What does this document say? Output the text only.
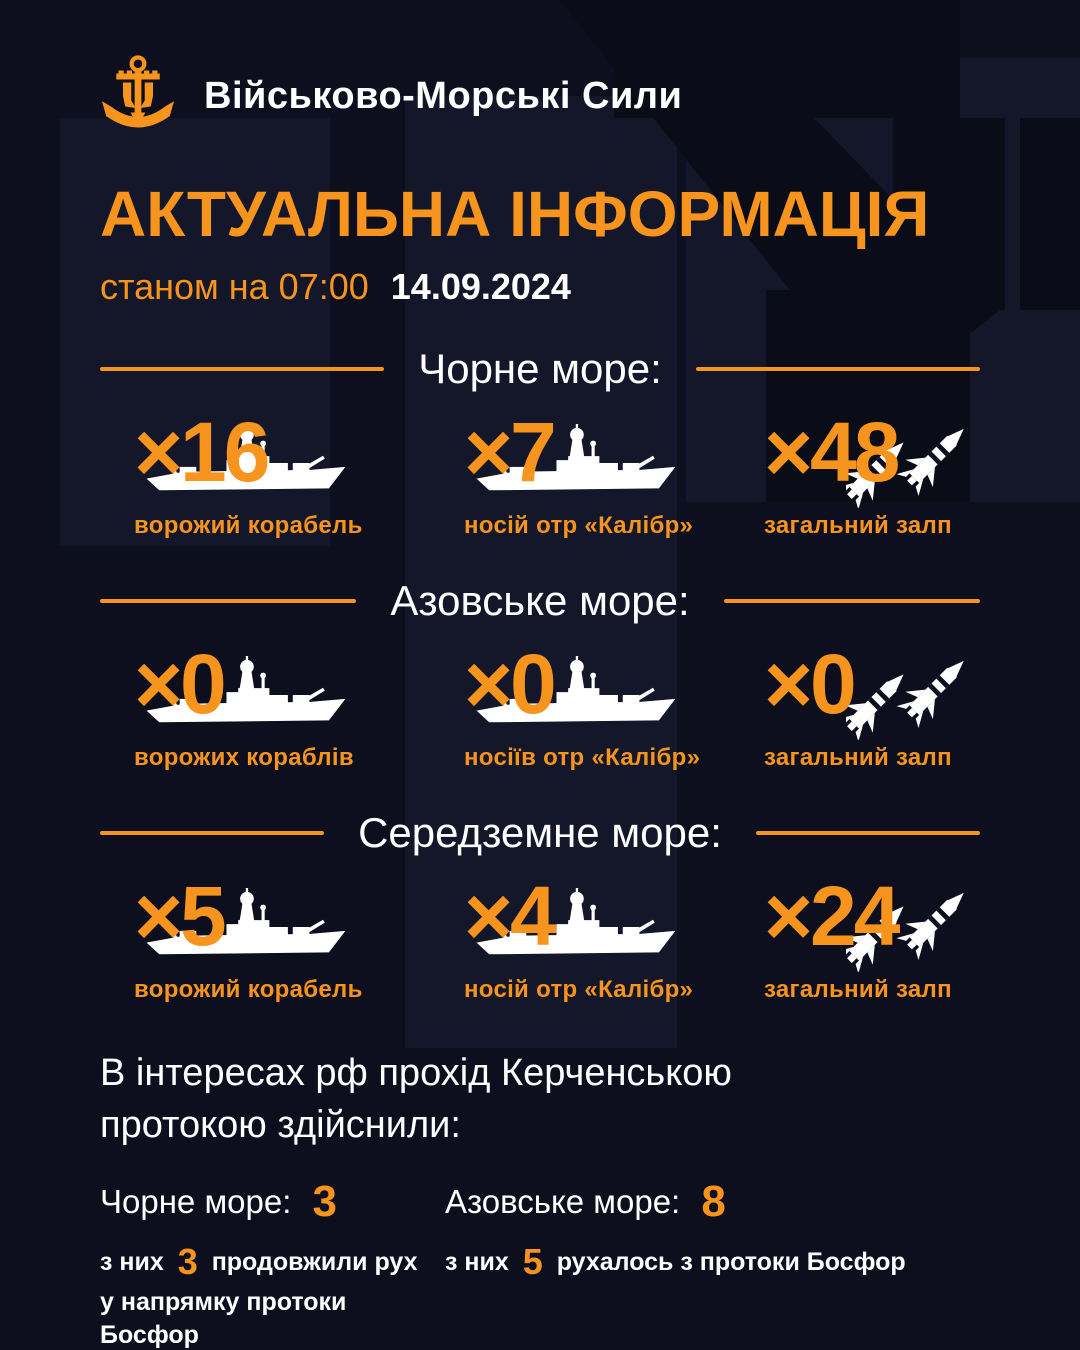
Військово-Морські Сили
АКТУАЛЬНА ІНФОРМАЦІЯ
станом на 07:00 14.09.2024
Чорне море:
×16
ворожий корабель
×7
носій отр «Калібр»
×48
загальний залп
Азовське море:
×0
ворожих кораблів
×0
носіїв отр «Калібр»
×0
загальний залп
Середземне море:
×5
ворожий корабель
×4
носій отр «Калібр»
×24
загальний залп
В інтересах рф прохід Керченською протокою здійснили:
Чорне море: 3
з них 3 продовжили рух у напрямку протоки Босфор
Азовське море: 8
з них 5 рухалось з протоки Босфор
